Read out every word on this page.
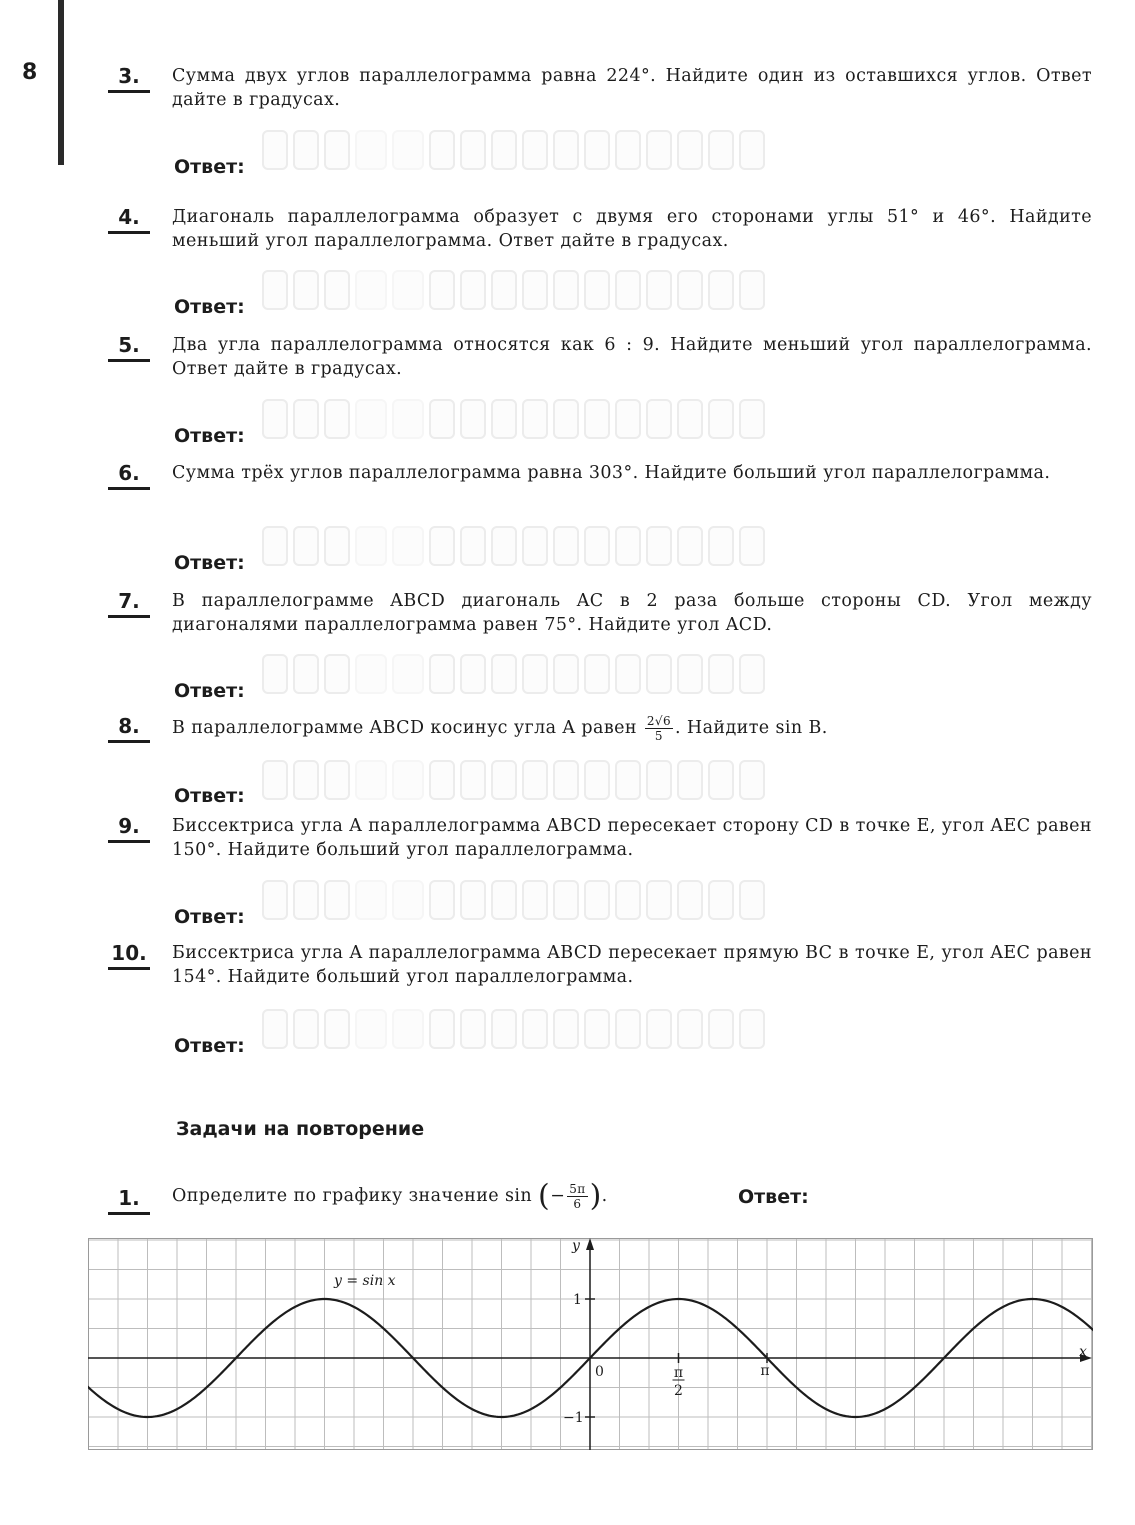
8	3.	Сумма двух углов параллелограмма равна 224°. Найдите один из оставшихся углов. Ответ дайте в градусах.
Ответ:
4.	Диагональ параллелограмма образует с двумя его сторонами углы 51° и 46°. Найдите меньший угол параллелограмма. Ответ дайте в градусах.
Ответ:
5.	Два угла параллелограмма относятся как 6 : 9. Найдите меньший угол параллелограмма. Ответ дайте в градусах.
Ответ:
6.	Сумма трёх углов параллелограмма равна 303°. Найдите больший угол параллелограмма.
Ответ:
7.	В параллелограмме ABCD диагональ AC в 2 раза больше стороны CD. Угол между диагоналями параллелограмма равен 75°. Найдите угол ACD.
Ответ:
8.	В параллелограмме ABCD косинус угла A равен $\frac{2√6}{5}$ . Найдите sin B.
Ответ:
9.	Биссектриса угла A параллелограмма ABCD пересекает сторону CD в точке E, угол AEC равен 150°. Найдите больший угол параллелограмма.
Ответ:
10. Биссектриса угла A параллелограмма ABCD пересекает прямую BC в точке E, угол AEC равен 154°. Найдите больший угол параллелограмма.
Ответ:
Задачи на повторение
1.	Определите по графику значение sin (− $\frac{5\pi}{6}$ ).	Ответ:
x
y
0
1
−1
π
2
π
y = sin x
